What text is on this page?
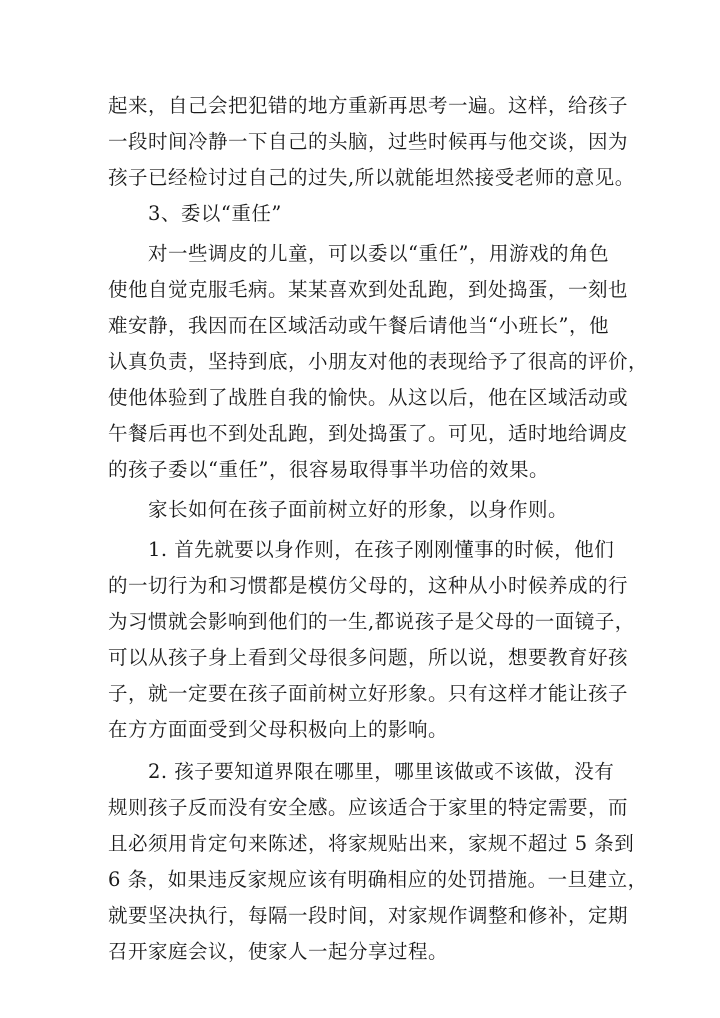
起来，自己会把犯错的地方重新再思考一遍。这样，给孩子
一段时间冷静一下自己的头脑，过些时候再与他交谈，因为
孩子已经检讨过自己的过失,所以就能坦然接受老师的意见。
3、委以“重任”
对一些调皮的儿童，可以委以“重任”，用游戏的角色
使他自觉克服毛病。某某喜欢到处乱跑，到处捣蛋，一刻也
难安静，我因而在区域活动或午餐后请他当“小班长”，他
认真负责，坚持到底，小朋友对他的表现给予了很高的评价，
使他体验到了战胜自我的愉快。从这以后，他在区域活动或
午餐后再也不到处乱跑，到处捣蛋了。可见，适时地给调皮
的孩子委以“重任”，很容易取得事半功倍的效果。
家长如何在孩子面前树立好的形象，以身作则。
1. 首先就要以身作则，在孩子刚刚懂事的时候，他们
的一切行为和习惯都是模仿父母的，这种从小时候养成的行
为习惯就会影响到他们的一生,都说孩子是父母的一面镜子，
可以从孩子身上看到父母很多问题，所以说，想要教育好孩
子，就一定要在孩子面前树立好形象。只有这样才能让孩子
在方方面面受到父母积极向上的影响。
2. 孩子要知道界限在哪里，哪里该做或不该做，没有
规则孩子反而没有安全感。应该适合于家里的特定需要，而
且必须用肯定句来陈述，将家规贴出来，家规不超过 5 条到
6 条，如果违反家规应该有明确相应的处罚措施。一旦建立，
就要坚决执行，每隔一段时间，对家规作调整和修补，定期
召开家庭会议，使家人一起分享过程。
